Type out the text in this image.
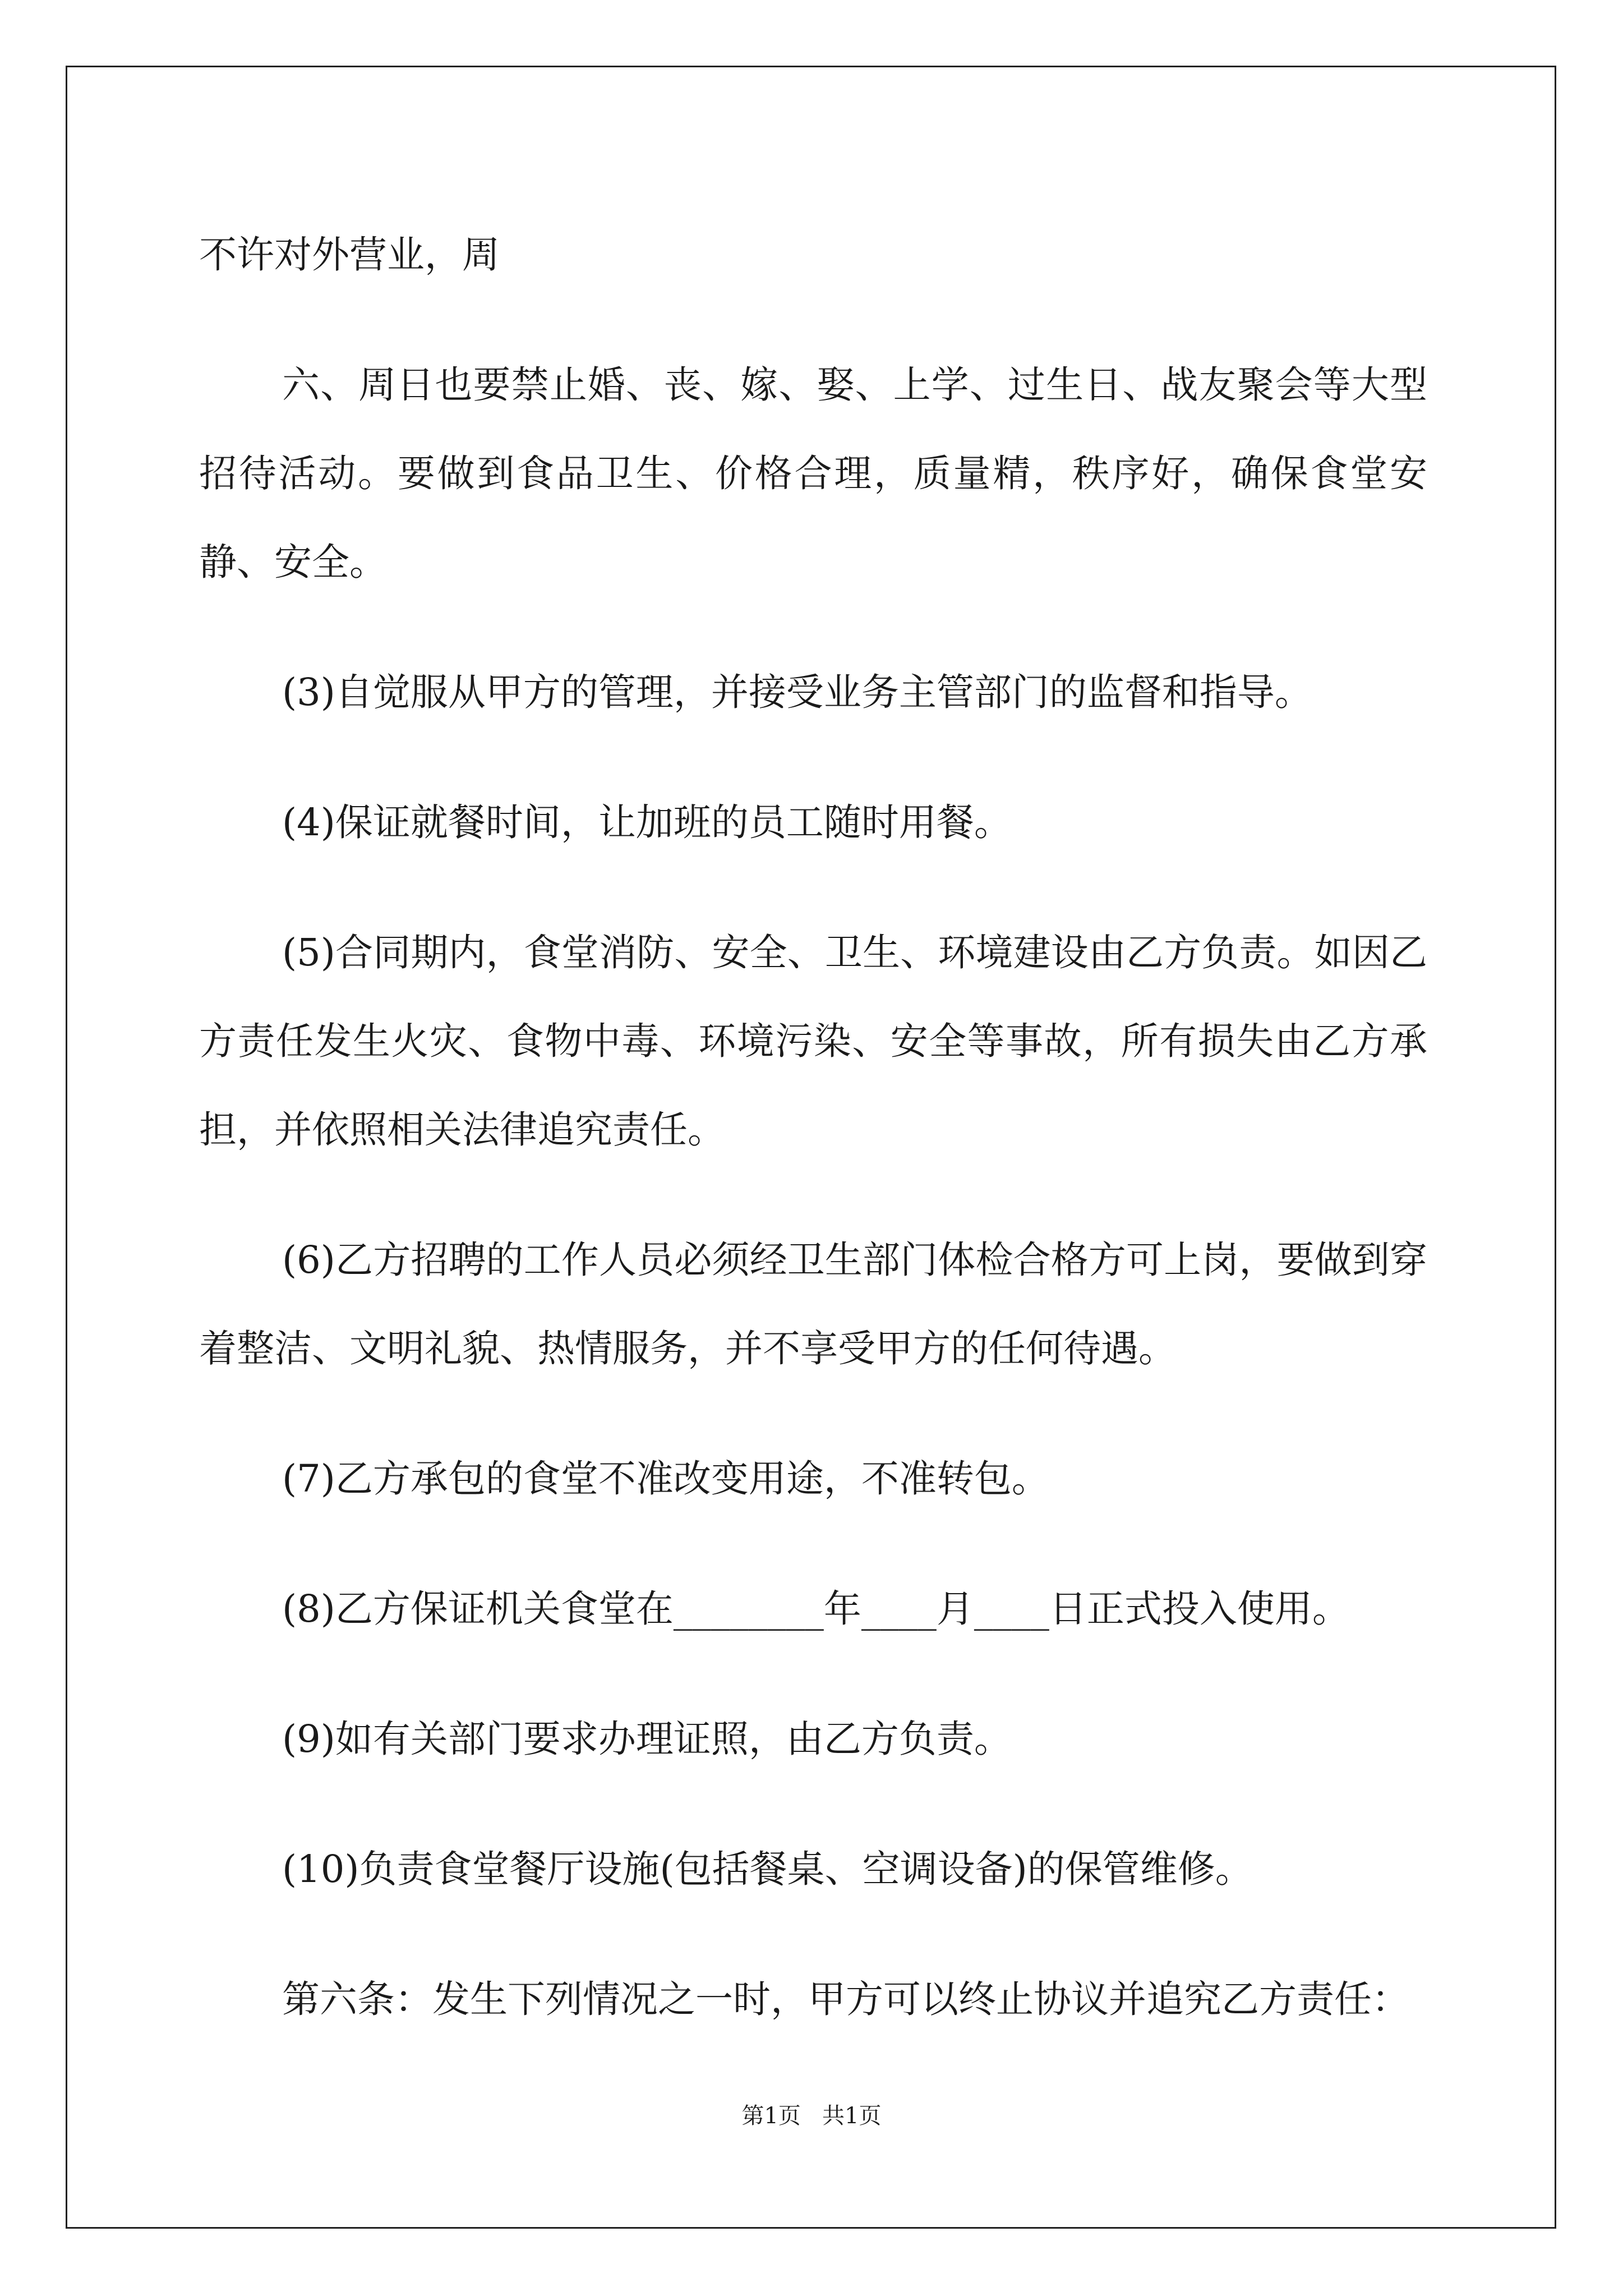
不许对外营业，周

六、周日也要禁止婚、丧、嫁、娶、上学、过生日、战友聚会等大型招待活动。要做到食品卫生、价格合理，质量精，秩序好，确保食堂安静、安全。

(3)自觉服从甲方的管理，并接受业务主管部门的监督和指导。

(4)保证就餐时间，让加班的员工随时用餐。

(5)合同期内，食堂消防、安全、卫生、环境建设由乙方负责。如因乙方责任发生火灾、食物中毒、环境污染、安全等事故，所有损失由乙方承担，并依照相关法律追究责任。

(6)乙方招聘的工作人员必须经卫生部门体检合格方可上岗，要做到穿着整洁、文明礼貌、热情服务，并不享受甲方的任何待遇。

(7)乙方承包的食堂不准改变用途，不准转包。

(8)乙方保证机关食堂在________年____月____日正式投入使用。

(9)如有关部门要求办理证照，由乙方负责。

(10)负责食堂餐厅设施(包括餐桌、空调设备)的保管维修。

第六条：发生下列情况之一时，甲方可以终止协议并追究乙方责任：

第1页   共1页
